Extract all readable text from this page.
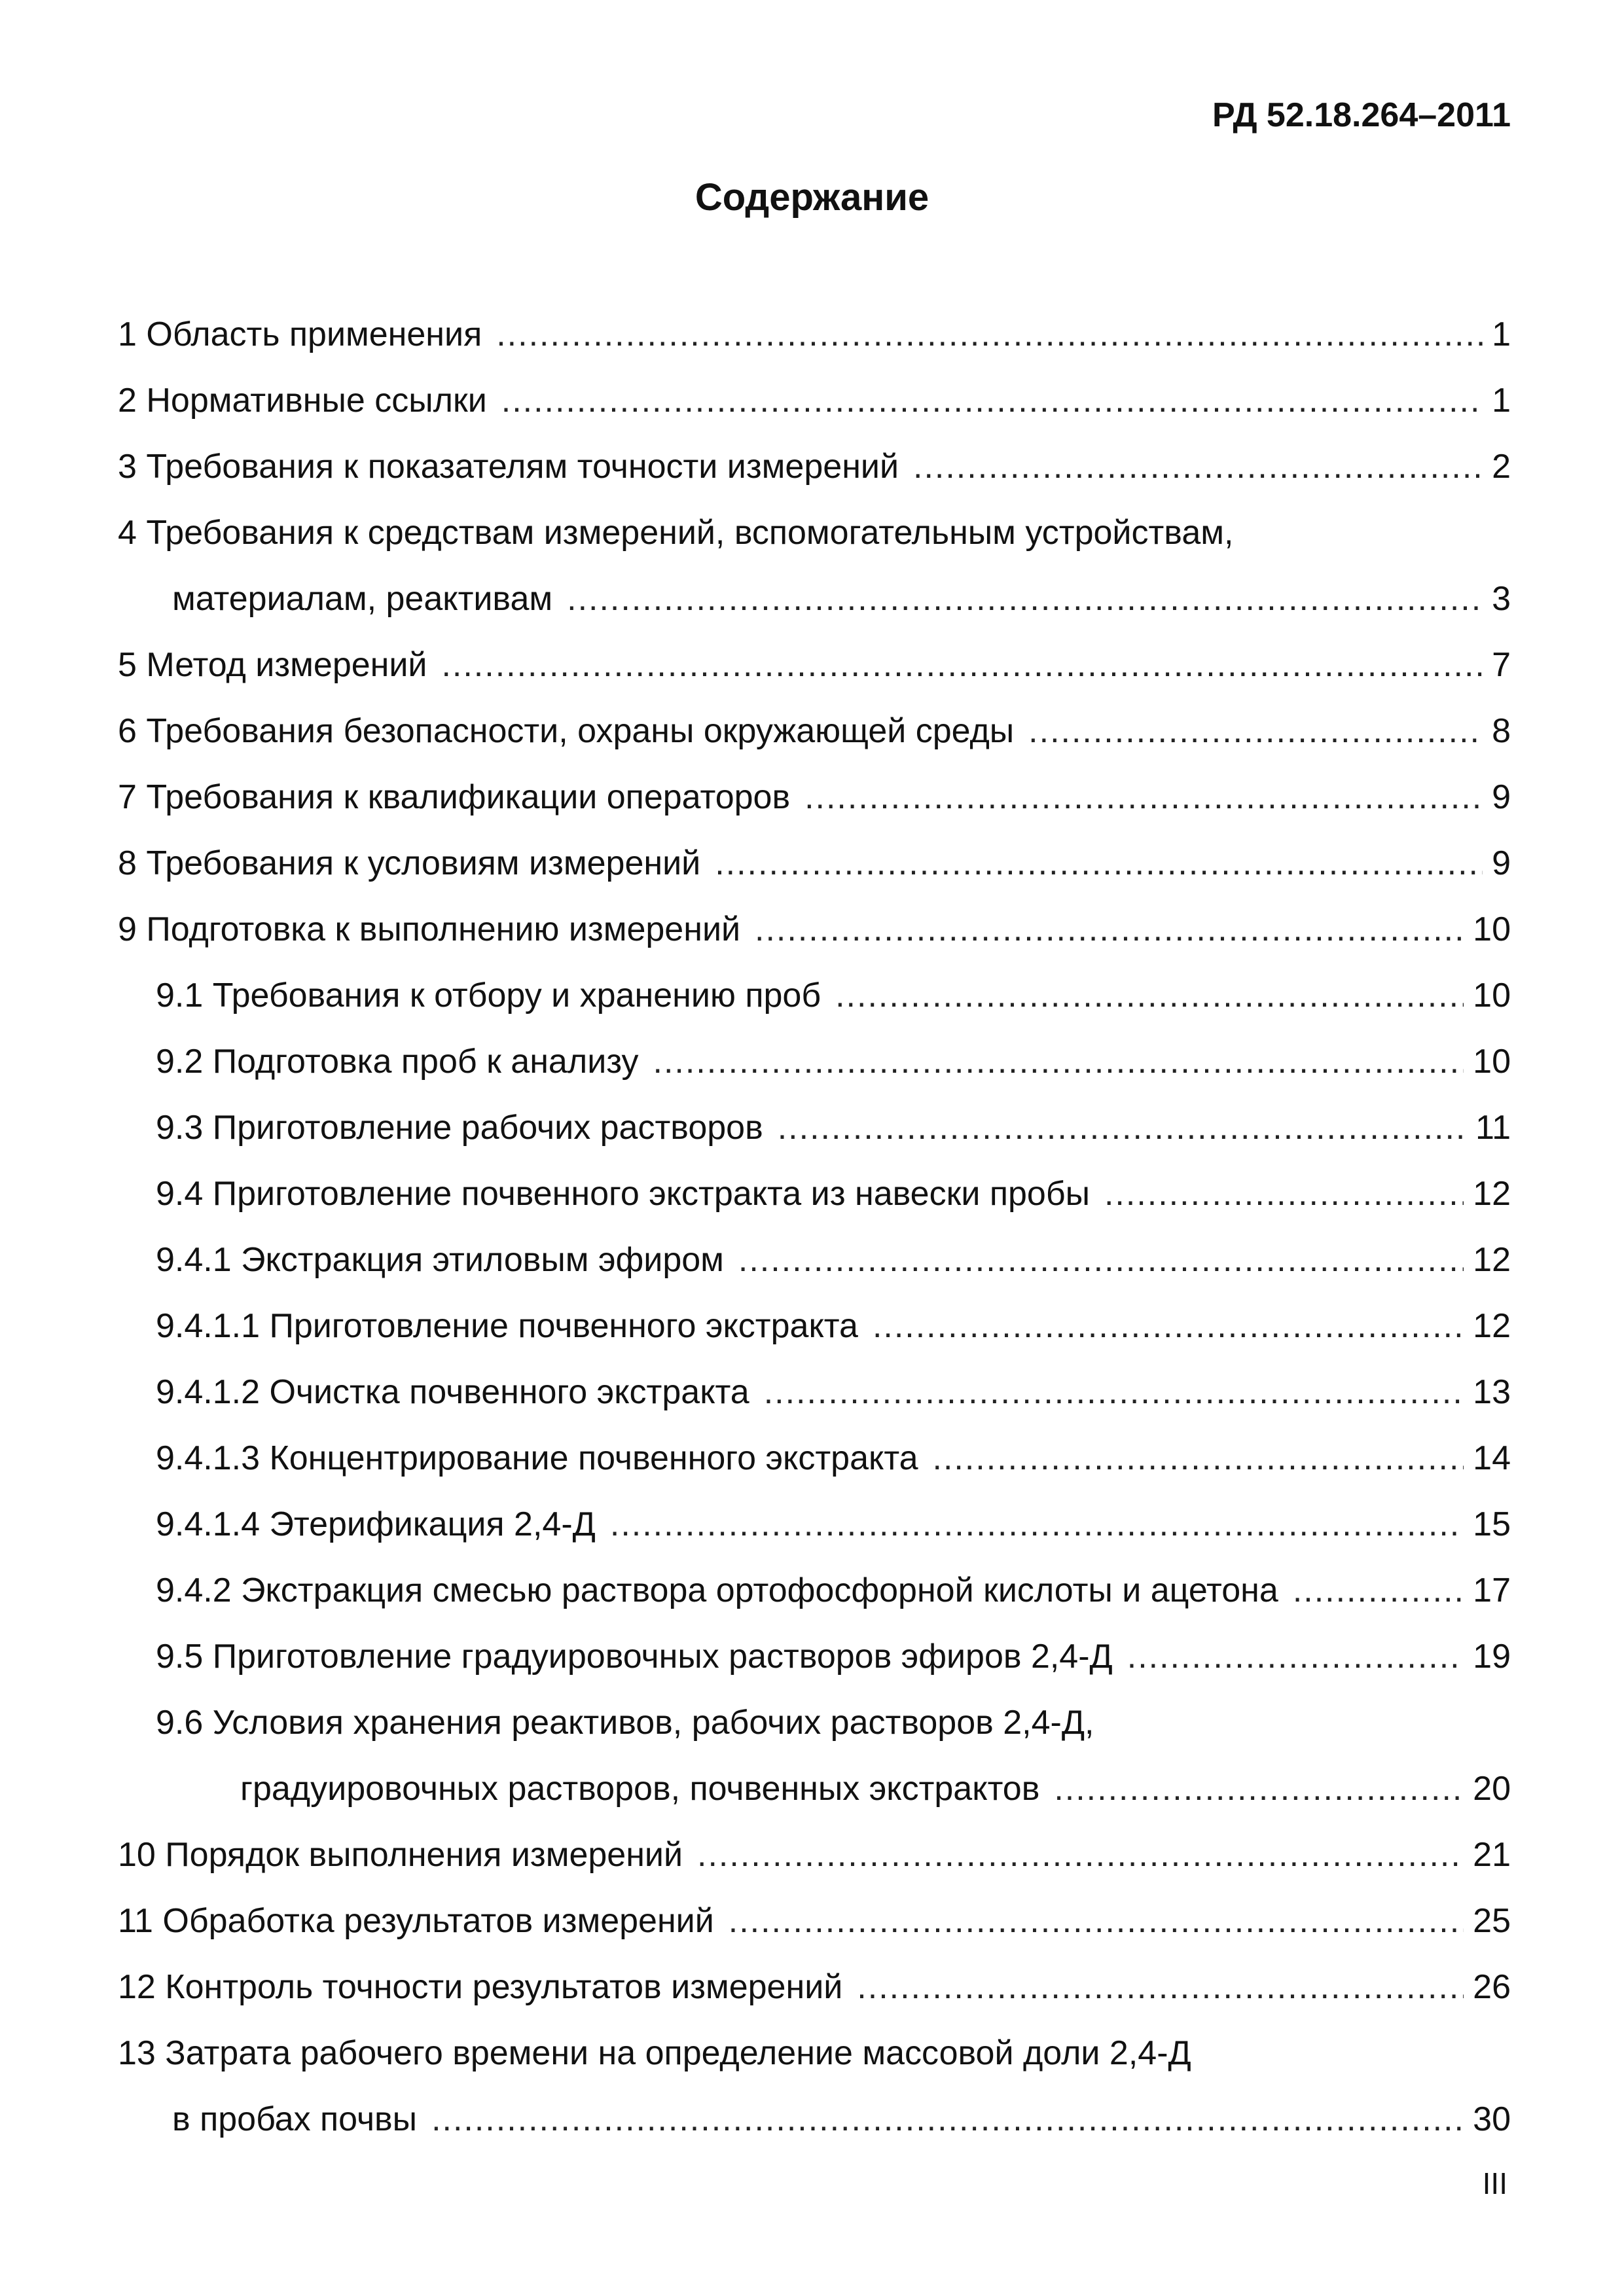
РД 52.18.264–2011
Содержание
1 Область применения .....	1
2 Нормативные ссылки .....	1
3 Требования к показателям точности измерений .....	2
4 Требования к средствам измерений, вспомогательным устройствам,
материалам, реактивам .....	3
5 Метод измерений .....	7
6 Требования безопасности, охраны окружающей среды .....	8
7 Требования к квалификации операторов .....	9
8 Требования к условиям измерений .....	9
9 Подготовка к выполнению измерений .....	10
9.1 Требования к отбору и хранению проб .....	10
9.2 Подготовка проб к анализу .....	10
9.3 Приготовление рабочих растворов .....	11
9.4 Приготовление почвенного экстракта из навески пробы .....	12
9.4.1 Экстракция этиловым эфиром .....	12
9.4.1.1 Приготовление почвенного экстракта .....	12
9.4.1.2 Очистка почвенного экстракта .....	13
9.4.1.3 Концентрирование почвенного экстракта .....	14
9.4.1.4 Этерификация 2,4-Д .....	15
9.4.2 Экстракция смесью раствора ортофосфорной кислоты и ацетона .....	17
9.5 Приготовление градуировочных растворов эфиров 2,4-Д .....	19
9.6 Условия хранения реактивов, рабочих растворов 2,4-Д,
градуировочных растворов, почвенных экстрактов .....	20
10 Порядок выполнения измерений .....	21
11 Обработка результатов измерений .....	25
12 Контроль точности результатов измерений .....	26
13 Затрата рабочего времени на определение массовой доли 2,4-Д
в пробах почвы .....	30
III
